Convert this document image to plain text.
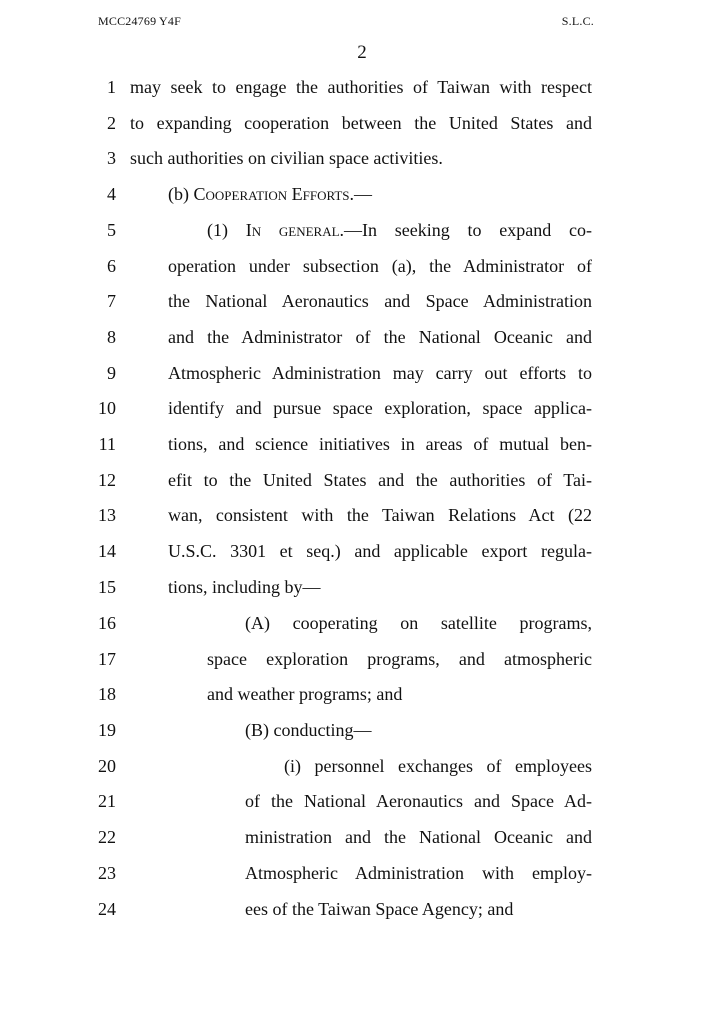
MCC24769 Y4F	S.L.C.
2
1 may seek to engage the authorities of Taiwan with respect
2 to expanding cooperation between the United States and
3 such authorities on civilian space activities.
4	(b) Cooperation Efforts.—
5	(1) In general.—In seeking to expand co-
6	operation under subsection (a), the Administrator of
7	the National Aeronautics and Space Administration
8	and the Administrator of the National Oceanic and
9	Atmospheric Administration may carry out efforts to
10	identify and pursue space exploration, space applica-
11	tions, and science initiatives in areas of mutual ben-
12	efit to the United States and the authorities of Tai-
13	wan, consistent with the Taiwan Relations Act (22
14	U.S.C. 3301 et seq.) and applicable export regula-
15	tions, including by—
16	(A) cooperating on satellite programs,
17	space exploration programs, and atmospheric
18	and weather programs; and
19	(B) conducting—
20	(i) personnel exchanges of employees
21	of the National Aeronautics and Space Ad-
22	ministration and the National Oceanic and
23	Atmospheric Administration with employ-
24	ees of the Taiwan Space Agency; and
